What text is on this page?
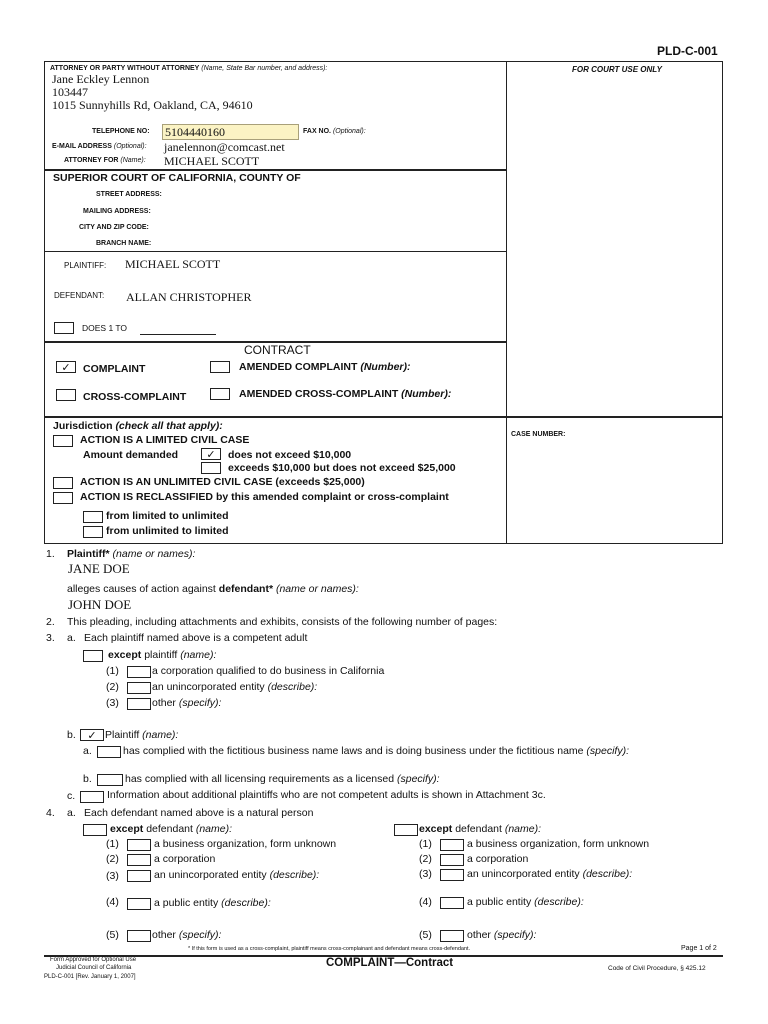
PLD-C-001
ATTORNEY OR PARTY WITHOUT ATTORNEY (Name, State Bar number, and address):
Jane Eckley Lennon
103447
1015 Sunnyhills Rd, Oakland, CA, 94610
TELEPHONE NO: 5104440160	FAX NO. (Optional):
E-MAIL ADDRESS (Optional): janelennon@comcast.net
ATTORNEY FOR (Name): MICHAEL SCOTT
FOR COURT USE ONLY
SUPERIOR COURT OF CALIFORNIA, COUNTY OF
STREET ADDRESS:
MAILING ADDRESS:
CITY AND ZIP CODE:
BRANCH NAME:
PLAINTIFF: MICHAEL SCOTT
DEFENDANT: ALLAN CHRISTOPHER
DOES 1 TO
CONTRACT
✓	COMPLAINT	AMENDED COMPLAINT (Number):
CROSS-COMPLAINT	AMENDED CROSS-COMPLAINT (Number):
Jurisdiction (check all that apply):
CASE NUMBER:
ACTION IS A LIMITED CIVIL CASE
Amount demanded	✓	does not exceed $10,000
exceeds $10,000 but does not exceed $25,000
ACTION IS AN UNLIMITED CIVIL CASE (exceeds $25,000)
ACTION IS RECLASSIFIED by this amended complaint or cross-complaint
from limited to unlimited
from unlimited to limited
1. Plaintiff* (name or names):
JANE DOE
alleges causes of action against defendant* (name or names):
JOHN DOE
2. This pleading, including attachments and exhibits, consists of the following number of pages:
3. a. Each plaintiff named above is a competent adult
except plaintiff (name):
(1)	a corporation qualified to do business in California
(2)	an unincorporated entity (describe):
(3)	other (specify):
b.	✓ Plaintiff (name):
a.	has complied with the fictitious business name laws and is doing business under the fictitious name (specify):
b.	has complied with all licensing requirements as a licensed (specify):
c.	Information about additional plaintiffs who are not competent adults is shown in Attachment 3c.
4. a. Each defendant named above is a natural person
except defendant (name):
(1)	a business organization, form unknown
(2)	a corporation
(3)	an unincorporated entity (describe):
(4)	a public entity (describe):
(5)	other (specify):
except defendant (name):
(1)	a business organization, form unknown
(2)	a corporation
(3)	an unincorporated entity (describe):
(4)	a public entity (describe):
(5)	other (specify):
* If this form is used as a cross-complaint, plaintiff means cross-complainant and defendant means cross-defendant.	Page 1 of 2
Form Approved for Optional Use
Judicial Council of California
PLD-C-001 [Rev. January 1, 2007]
COMPLAINT—Contract	Code of Civil Procedure, § 425.12
